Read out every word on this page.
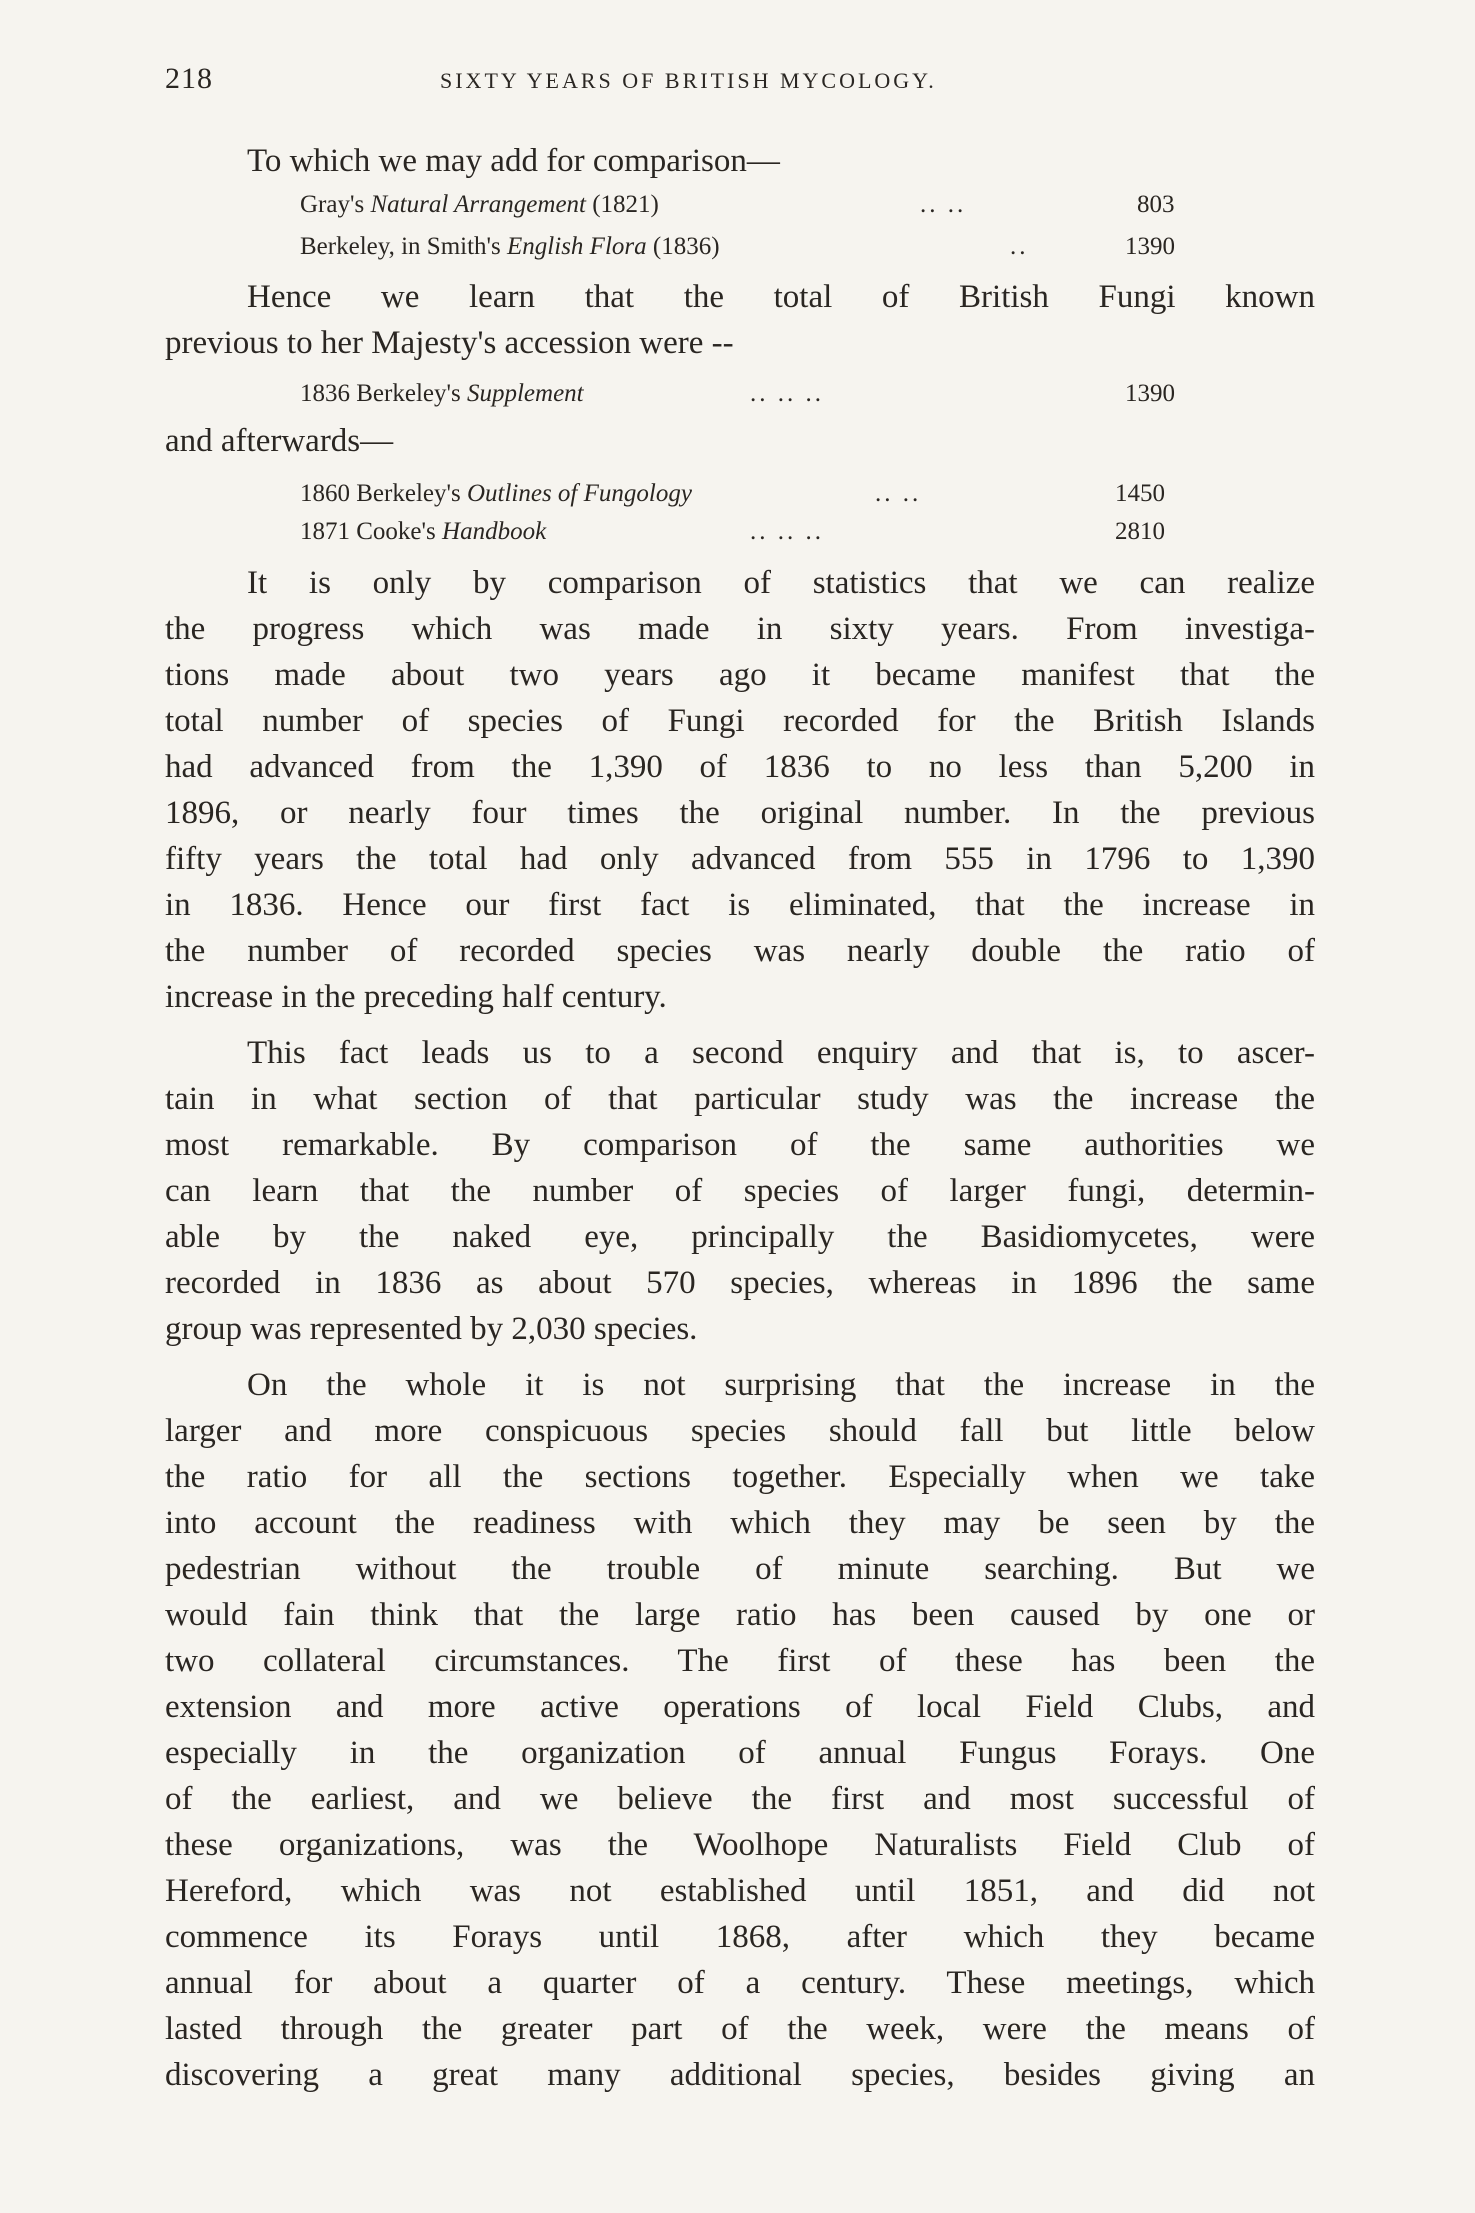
218	SIXTY YEARS OF BRITISH MYCOLOGY.
To which we may add for comparison—
Gray's Natural Arrangement (1821)	.. ..	803
Berkeley, in Smith's English Flora (1836)	..	1390
Hence we learn that the total of British Fungi known
previous to her Majesty's accession were --
1836 Berkeley's Supplement	.. .. ..	1390
and afterwards—
1860 Berkeley's Outlines of Fungology	.. ..	1450
1871 Cooke's Handbook	.. .. ..	2810
It is only by comparison of statistics that we can realize
the progress which was made in sixty years. From investiga-
tions made about two years ago it became manifest that the
total number of species of Fungi recorded for the British Islands
had advanced from the 1,390 of 1836 to no less than 5,200 in
1896, or nearly four times the original number. In the previous
fifty years the total had only advanced from 555 in 1796 to 1,390
in 1836. Hence our first fact is eliminated, that the increase in
the number of recorded species was nearly double the ratio of
increase in the preceding half century.
This fact leads us to a second enquiry and that is, to ascer-
tain in what section of that particular study was the increase the
most remarkable. By comparison of the same authorities we
can learn that the number of species of larger fungi, determin-
able by the naked eye, principally the Basidiomycetes, were
recorded in 1836 as about 570 species, whereas in 1896 the same
group was represented by 2,030 species.
On the whole it is not surprising that the increase in the
larger and more conspicuous species should fall but little below
the ratio for all the sections together. Especially when we take
into account the readiness with which they may be seen by the
pedestrian without the trouble of minute searching. But we
would fain think that the large ratio has been caused by one or
two collateral circumstances. The first of these has been the
extension and more active operations of local Field Clubs, and
especially in the organization of annual Fungus Forays. One
of the earliest, and we believe the first and most successful of
these organizations, was the Woolhope Naturalists Field Club of
Hereford, which was not established until 1851, and did not
commence its Forays until 1868, after which they became
annual for about a quarter of a century. These meetings, which
lasted through the greater part of the week, were the means of
discovering a great many additional species, besides giving an
